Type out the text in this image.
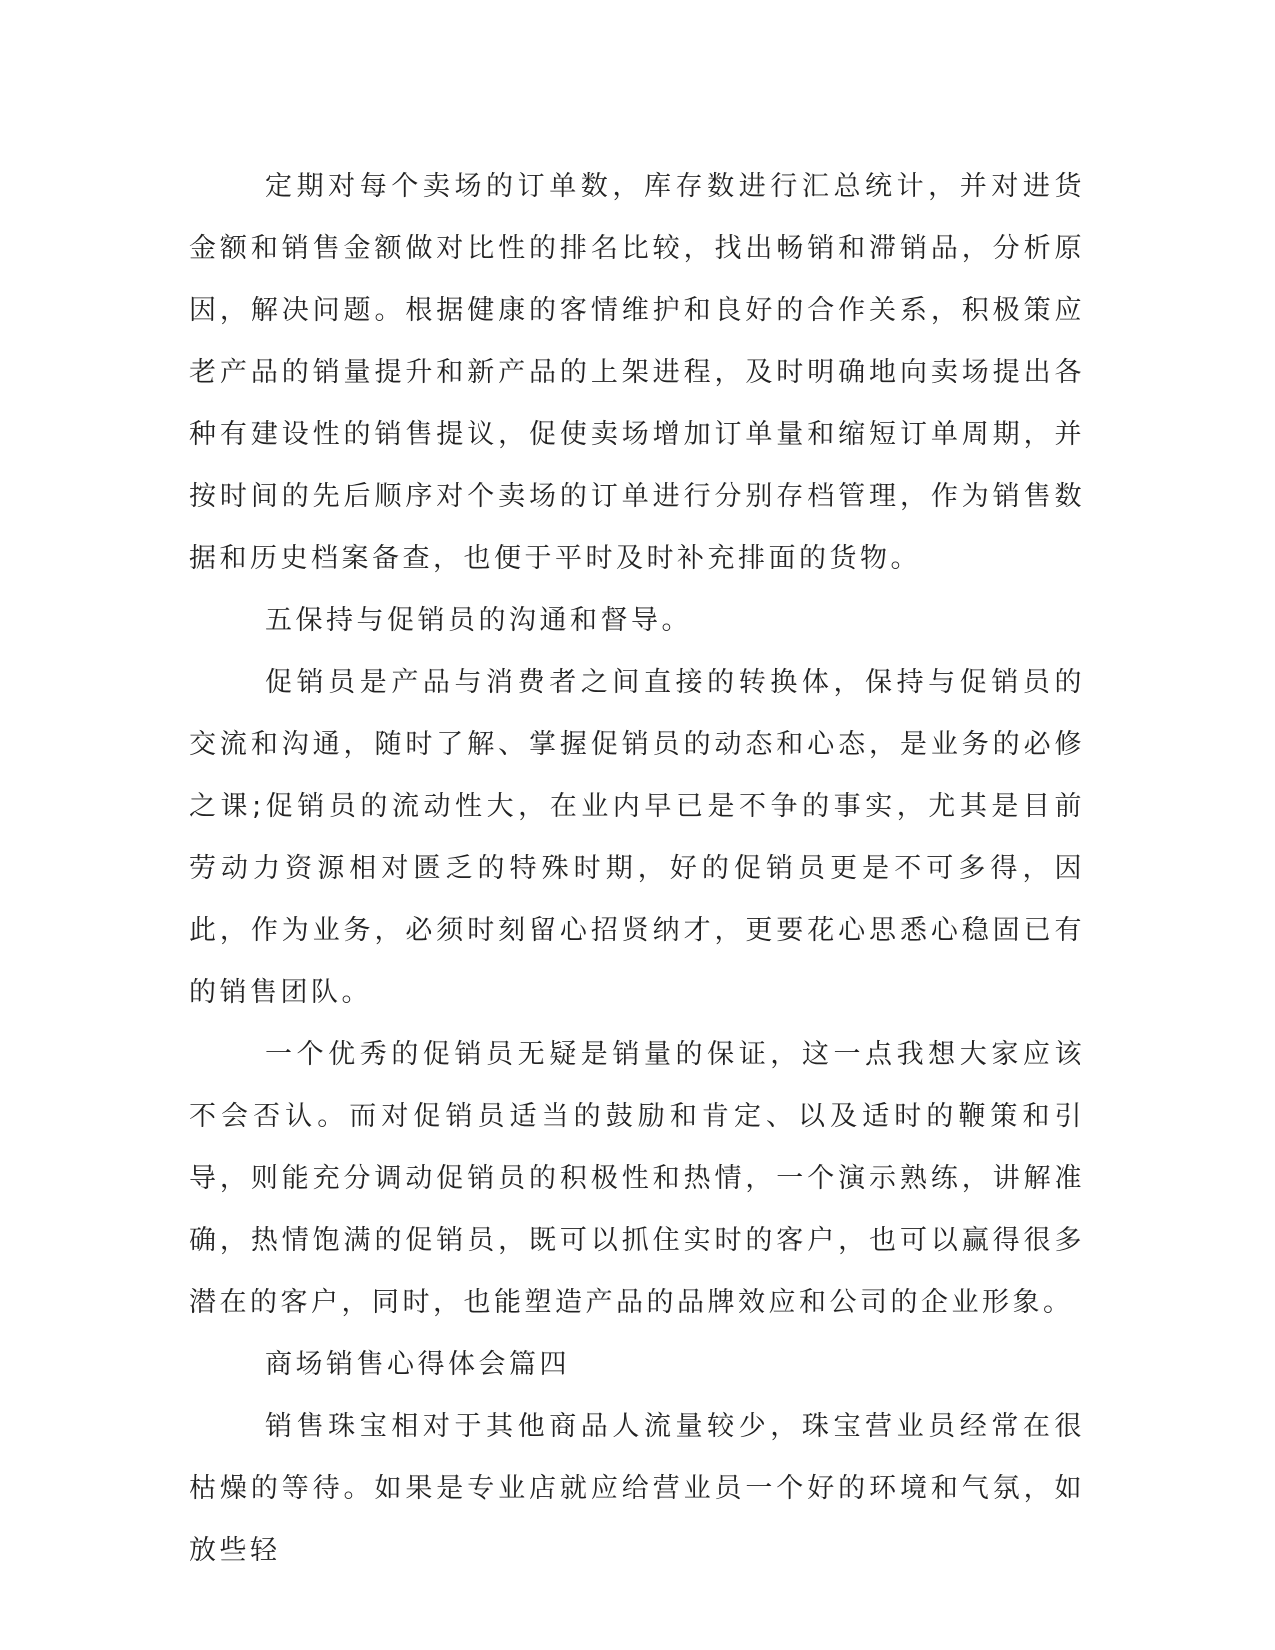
定期对每个卖场的订单数，库存数进行汇总统计，并对进货金额和销售金额做对比性的排名比较，找出畅销和滞销品，分析原因，解决问题。根据健康的客情维护和良好的合作关系，积极策应老产品的销量提升和新产品的上架进程，及时明确地向卖场提出各种有建设性的销售提议，促使卖场增加订单量和缩短订单周期，并按时间的先后顺序对个卖场的订单进行分别存档管理，作为销售数据和历史档案备查，也便于平时及时补充排面的货物。

五保持与促销员的沟通和督导。

促销员是产品与消费者之间直接的转换体，保持与促销员的交流和沟通，随时了解、掌握促销员的动态和心态，是业务的必修之课;促销员的流动性大，在业内早已是不争的事实，尤其是目前劳动力资源相对匮乏的特殊时期，好的促销员更是不可多得，因此，作为业务，必须时刻留心招贤纳才，更要花心思悉心稳固已有的销售团队。

一个优秀的促销员无疑是销量的保证，这一点我想大家应该不会否认。而对促销员适当的鼓励和肯定、以及适时的鞭策和引导，则能充分调动促销员的积极性和热情，一个演示熟练，讲解准确，热情饱满的促销员，既可以抓住实时的客户，也可以赢得很多潜在的客户，同时，也能塑造产品的品牌效应和公司的企业形象。

商场销售心得体会篇四

销售珠宝相对于其他商品人流量较少，珠宝营业员经常在很枯燥的等待。如果是专业店就应给营业员一个好的环境和气氛，如放些轻
